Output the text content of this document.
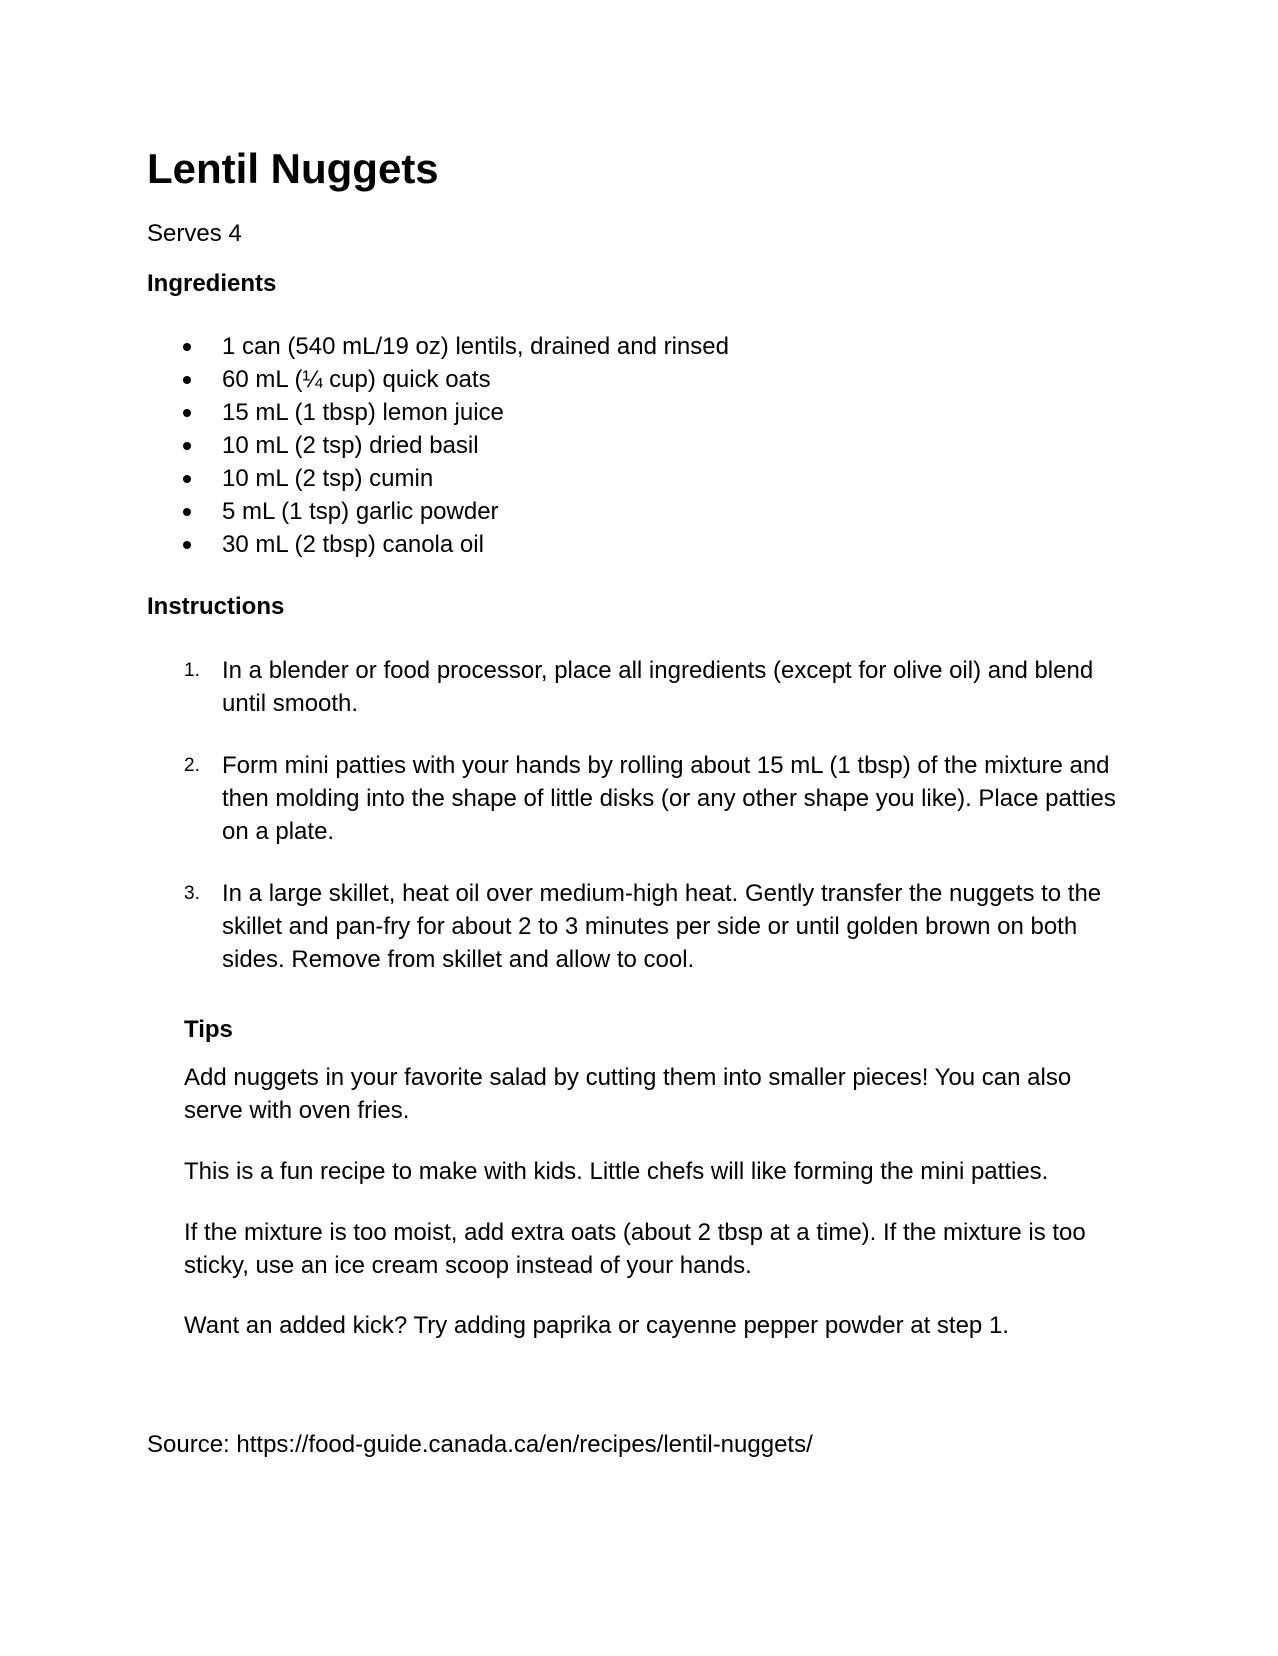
Lentil Nuggets
Serves 4
Ingredients
1 can (540 mL/19 oz) lentils, drained and rinsed
60 mL (¼ cup) quick oats
15 mL (1 tbsp) lemon juice
10 mL (2 tsp) dried basil
10 mL (2 tsp) cumin
5 mL (1 tsp) garlic powder
30 mL (2 tbsp) canola oil
Instructions
1. In a blender or food processor, place all ingredients (except for olive oil) and blend until smooth.
2. Form mini patties with your hands by rolling about 15 mL (1 tbsp) of the mixture and then molding into the shape of little disks (or any other shape you like). Place patties on a plate.
3. In a large skillet, heat oil over medium-high heat. Gently transfer the nuggets to the skillet and pan-fry for about 2 to 3 minutes per side or until golden brown on both sides. Remove from skillet and allow to cool.
Tips

Add nuggets in your favorite salad by cutting them into smaller pieces! You can also serve with oven fries.

This is a fun recipe to make with kids. Little chefs will like forming the mini patties.

If the mixture is too moist, add extra oats (about 2 tbsp at a time). If the mixture is too sticky, use an ice cream scoop instead of your hands.

Want an added kick? Try adding paprika or cayenne pepper powder at step 1.

Source: https://food-guide.canada.ca/en/recipes/lentil-nuggets/
